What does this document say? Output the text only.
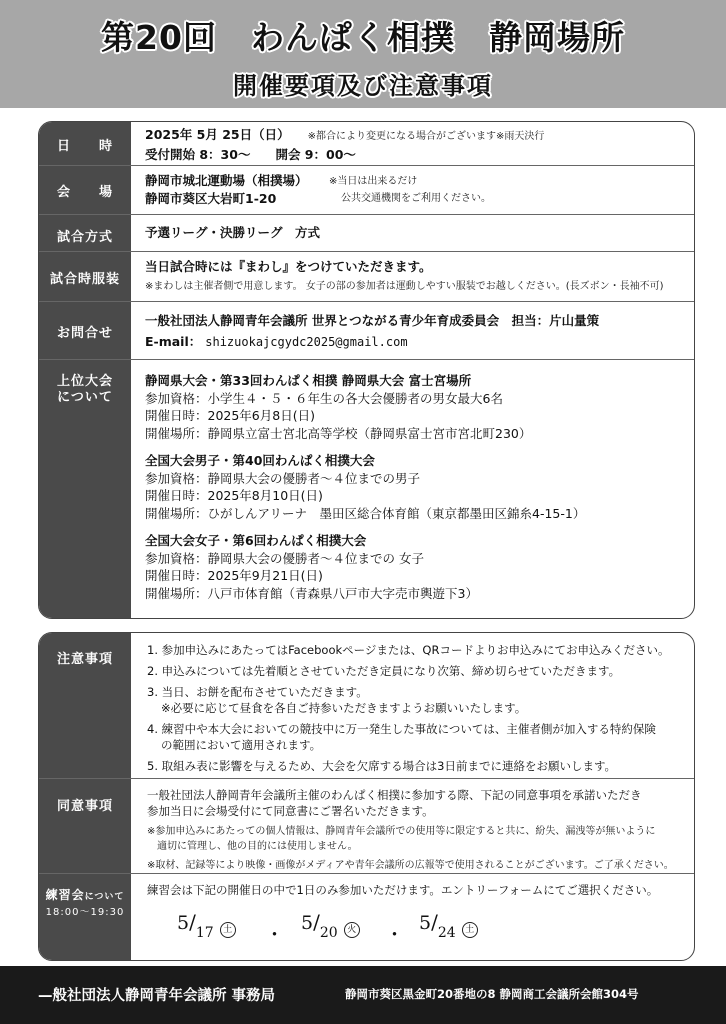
第20回　わんぱく相撲　静岡場所
開催要項及び注意事項
日　　時
2025年 5月 25日（日） ※都合により変更になる場合がございます※雨天決行
受付開始 8：30～　　開会 9：00～
会　　場
静岡市城北運動場（相撲場）
静岡市葵区大岩町1-20
※当日は出来るだけ
公共交通機関をご利用ください。
試合方式	予選リーグ・決勝リーグ　方式
試合時服装
当日試合時には『まわし』をつけていただきます。
※まわしは主催者側で用意します。 女子の部の参加者は運動しやすい服装でお越しください。(長ズボン・長袖不可)
お問合せ
一般社団法人静岡青年会議所 世界とつながる青少年育成委員会　担当：片山量策
E-mail： shizuokajcgydc2025@gmail.com
上位大会
について
静岡県大会・第33回わんぱく相撲 静岡県大会 富士宮場所
参加資格：小学生４・５・６年生の各大会優勝者の男女最大6名
開催日時：2025年6月8日(日)
開催場所：静岡県立富士宮北高等学校（静岡県富士宮市宮北町230）
全国大会男子・第40回わんぱく相撲大会
参加資格：静岡県大会の優勝者～４位までの男子
開催日時：2025年8月10日(日)
開催場所：ひがしんアリーナ　墨田区総合体育館（東京都墨田区錦糸4-15-1）
全国大会女子・第6回わんぱく相撲大会
参加資格：静岡県大会の優勝者～４位までの 女子
開催日時：2025年9月21日(日)
開催場所：八戸市体育館（青森県八戸市大字売市輿遊下3）
注意事項
1. 参加申込みにあたってはFacebookページまたは、QRコードよりお申込みにてお申込みください。
2. 申込みについては先着順とさせていただき定員になり次第、締め切らせていただきます。
3. 当日、お餅を配布させていただきます。
※必要に応じて昼食を各自ご持参いただきますようお願いいたします。
4. 練習中や本大会においての競技中に万一発生した事故については、主催者側が加入する特約保険
の範囲において適用されます。
5. 取組み表に影響を与えるため、大会を欠席する場合は3日前までに連絡をお願いします。
同意事項
一般社団法人静岡青年会議所主催のわんぱく相撲に参加する際、下記の同意事項を承諾いただき
参加当日に会場受付にて同意書にご署名いただきます。
※参加申込みにあたっての個人情報は、静岡青年会議所での使用等に限定すると共に、紛失、漏洩等が無いように
適切に管理し、他の目的には使用しません。
※取材、記録等により映像・画像がメディアや青年会議所の広報等で使用されることがございます。ご了承ください。
練習会について
18:00～19:30
練習会は下記の開催日の中で1日のみ参加いただけます。エントリーフォームにてご選択ください。
$5/_{17}$ 土 ・
$5/_{20}$ 火 ・
$5/_{24}$ 土
—般社団法人静岡青年会議所 事務局	静岡市葵区黒金町20番地の8 静岡商工会議所会館304号
